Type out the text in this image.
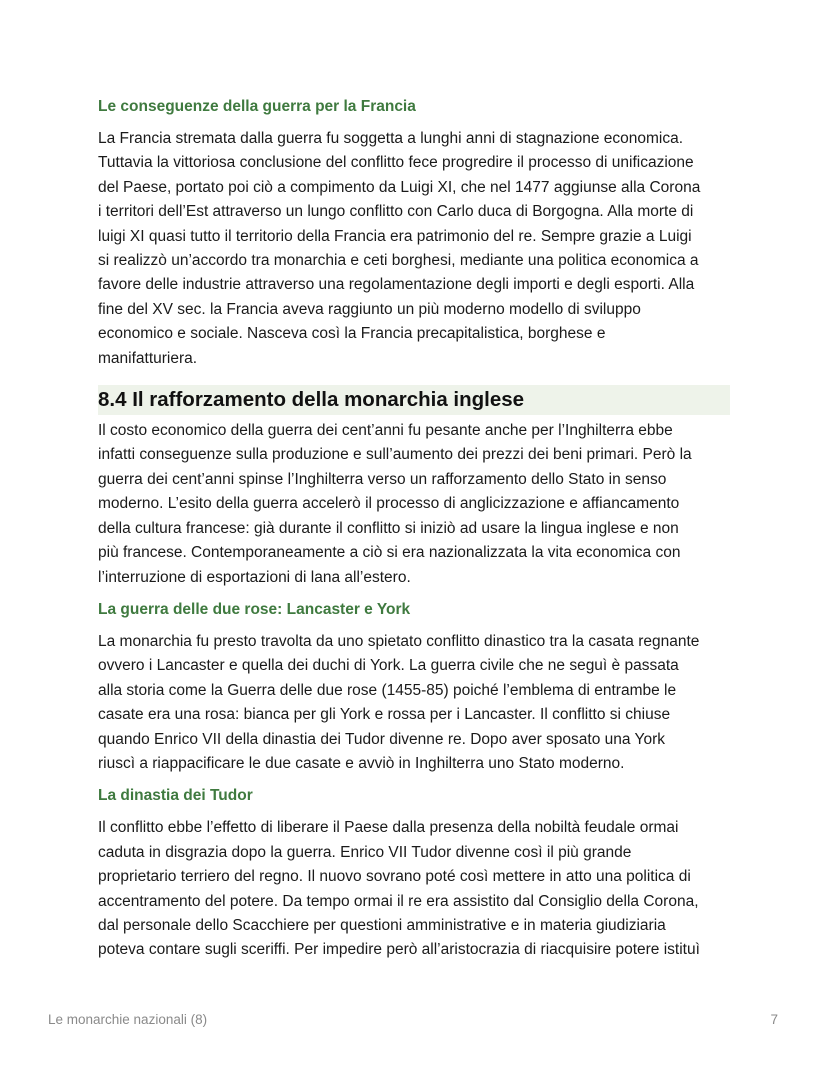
Le conseguenze della guerra per la Francia

La Francia stremata dalla guerra fu soggetta a lunghi anni di stagnazione economica.
Tuttavia la vittoriosa conclusione del conflitto fece progredire il processo di unificazione
del Paese, portato poi ciò a compimento da Luigi XI, che nel 1477 aggiunse alla Corona
i territori dell’Est attraverso un lungo conflitto con Carlo duca di Borgogna. Alla morte di
luigi XI quasi tutto il territorio della Francia era patrimonio del re. Sempre grazie a Luigi
si realizzò un’accordo tra monarchia e ceti borghesi, mediante una politica economica a
favore delle industrie attraverso una regolamentazione degli importi e degli esporti. Alla
fine del XV sec. la Francia aveva raggiunto un più moderno modello di sviluppo
economico e sociale. Nasceva così la Francia precapitalistica, borghese e
manifatturiera.

8.4 Il rafforzamento della monarchia inglese

Il costo economico della guerra dei cent’anni fu pesante anche per l’Inghilterra ebbe
infatti conseguenze sulla produzione e sull’aumento dei prezzi dei beni primari. Però la
guerra dei cent’anni spinse l’Inghilterra verso un rafforzamento dello Stato in senso
moderno. L’esito della guerra accelerò il processo di anglicizzazione e affiancamento
della cultura francese: già durante il conflitto si iniziò ad usare la lingua inglese e non
più francese. Contemporaneamente a ciò si era nazionalizzata la vita economica con
l’interruzione di esportazioni di lana all’estero.

La guerra delle due rose: Lancaster e York

La monarchia fu presto travolta da uno spietato conflitto dinastico tra la casata regnante
ovvero i Lancaster e quella dei duchi di York. La guerra civile che ne seguì è passata
alla storia come la Guerra delle due rose (1455-85) poiché l’emblema di entrambe le
casate era una rosa: bianca per gli York e rossa per i Lancaster. Il conflitto si chiuse
quando Enrico VII della dinastia dei Tudor divenne re. Dopo aver sposato una York
riuscì a riappacificare le due casate e avviò in Inghilterra uno Stato moderno.

La dinastia dei Tudor

Il conflitto ebbe l’effetto di liberare il Paese dalla presenza della nobiltà feudale ormai
caduta in disgrazia dopo la guerra. Enrico VII Tudor divenne così il più grande
proprietario terriero del regno. Il nuovo sovrano poté così mettere in atto una politica di
accentramento del potere. Da tempo ormai il re era assistito dal Consiglio della Corona,
dal personale dello Scacchiere per questioni amministrative e in materia giudiziaria
poteva contare sugli sceriffi. Per impedire però all’aristocrazia di riacquisire potere istituì

Le monarchie nazionali (8)	7
